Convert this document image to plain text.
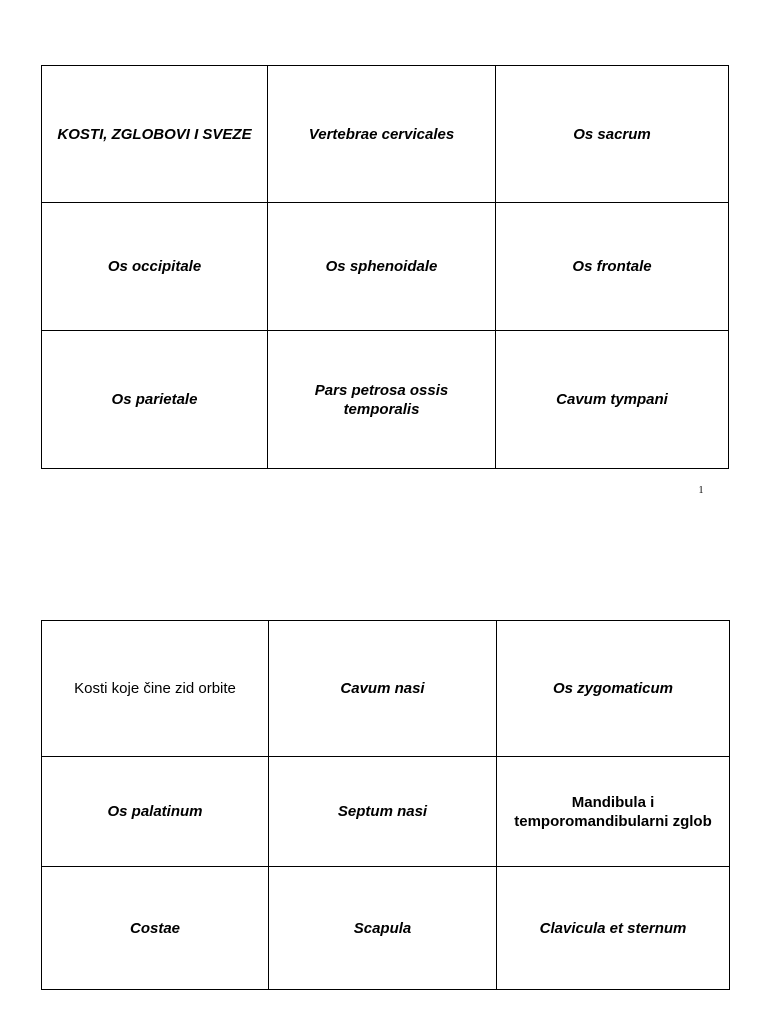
KOSTI, ZGLOBOVI I SVEZE	Vertebrae cervicales	Os sacrum
Os occipitale	Os sphenoidale	Os frontale
Os parietale	Pars petrosa ossis temporalis	Cavum tympani
1
Kosti koje čine zid orbite	Cavum nasi	Os zygomaticum
Os palatinum	Septum nasi	Mandibula i temporomandibularni zglob
Costae	Scapula	Clavicula et sternum
